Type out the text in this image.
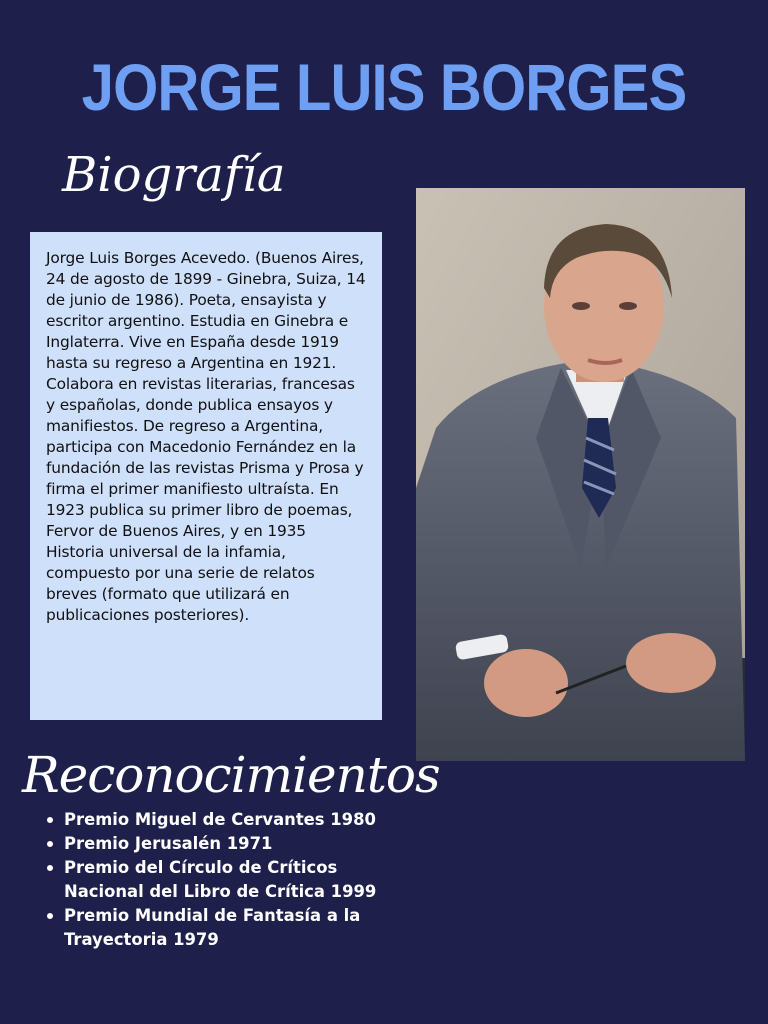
JORGE LUIS BORGES
Biografía

Jorge Luis Borges Acevedo. (Buenos Aires, 24 de agosto de 1899 - Ginebra, Suiza, 14 de junio de 1986). Poeta, ensayista y escritor argentino. Estudia en Ginebra e Inglaterra. Vive en España desde 1919 hasta su regreso a Argentina en 1921. Colabora en revistas literarias, francesas y españolas, donde publica ensayos y manifiestos. De regreso a Argentina, participa con Macedonio Fernández en la fundación de las revistas Prisma y Prosa y firma el primer manifiesto ultraísta. En 1923 publica su primer libro de poemas, Fervor de Buenos Aires, y en 1935 Historia universal de la infamia, compuesto por una serie de relatos breves (formato que utilizará en publicaciones posteriores).

Reconocimientos
Premio Miguel de Cervantes 1980
Premio Jerusalén 1971
Premio del Círculo de Críticos Nacional del Libro de Crítica 1999
Premio Mundial de Fantasía a la Trayectoria 1979
